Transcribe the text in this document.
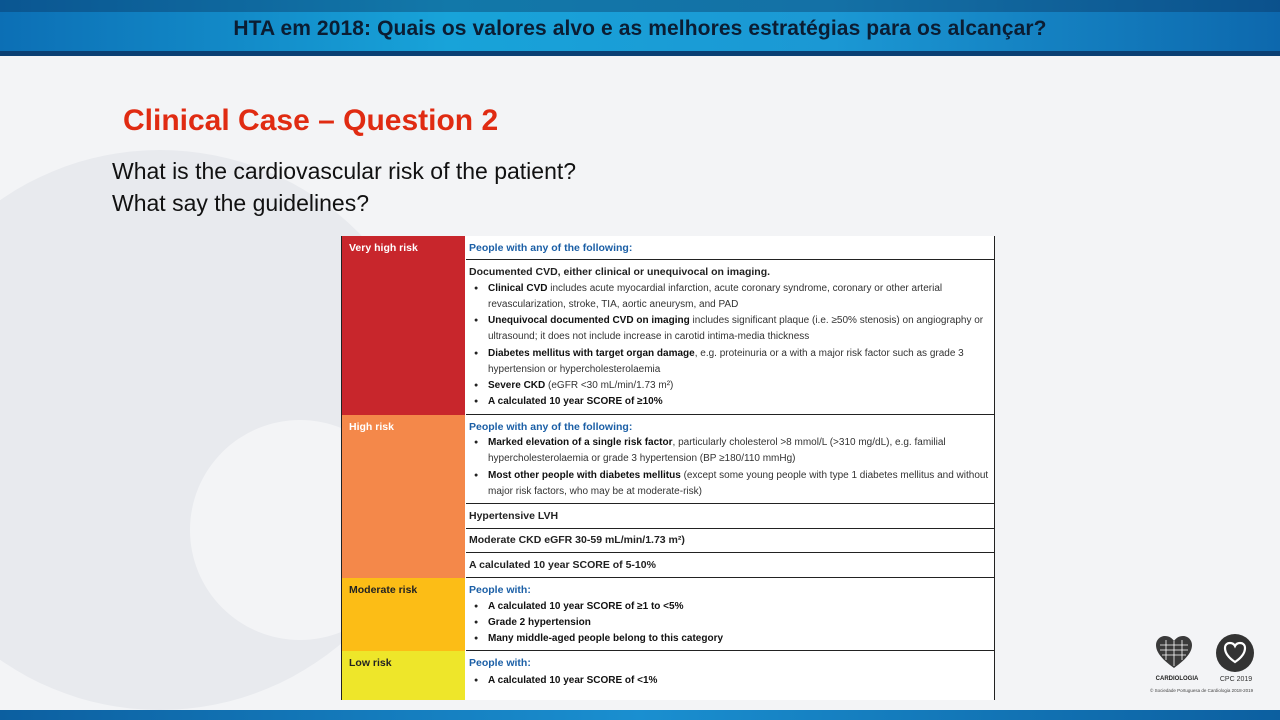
HTA em 2018: Quais os valores alvo e as melhores estratégias para os alcançar?
Clinical Case – Question 2
What is the cardiovascular risk of the patient?
What say the guidelines?
Very high risk	People with any of the following:
Documented CVD, either clinical or unequivocal on imaging.
● Clinical CVD includes acute myocardial infarction, acute coronary syndrome, coronary or other arterial revascularization, stroke, TIA, aortic aneurysm, and PAD
● Unequivocal documented CVD on imaging includes significant plaque (i.e. ≥50% stenosis) on angiography or ultrasound; it does not include increase in carotid intima-media thickness
● Diabetes mellitus with target organ damage, e.g. proteinuria or a with a major risk factor such as grade 3 hypertension or hypercholesterolaemia
● Severe CKD (eGFR <30 mL/min/1.73 m²)
● A calculated 10 year SCORE of ≥10%
High risk	People with any of the following:
● Marked elevation of a single risk factor, particularly cholesterol >8 mmol/L (>310 mg/dL), e.g. familial hypercholesterolaemia or grade 3 hypertension (BP ≥180/110 mmHg)
● Most other people with diabetes mellitus (except some young people with type 1 diabetes mellitus and without major risk factors, who may be at moderate-risk)
Hypertensive LVH
Moderate CKD eGFR 30-59 mL/min/1.73 m²)
A calculated 10 year SCORE of 5-10%
Moderate risk	People with:
● A calculated 10 year SCORE of ≥1 to <5%
● Grade 2 hypertension
● Many middle-aged people belong to this category
Low risk	People with:
● A calculated 10 year SCORE of <1%	CARDIOLOGIA	CPC 2019
© Sociedade Portuguesa de Cardiologia 2018-2019
